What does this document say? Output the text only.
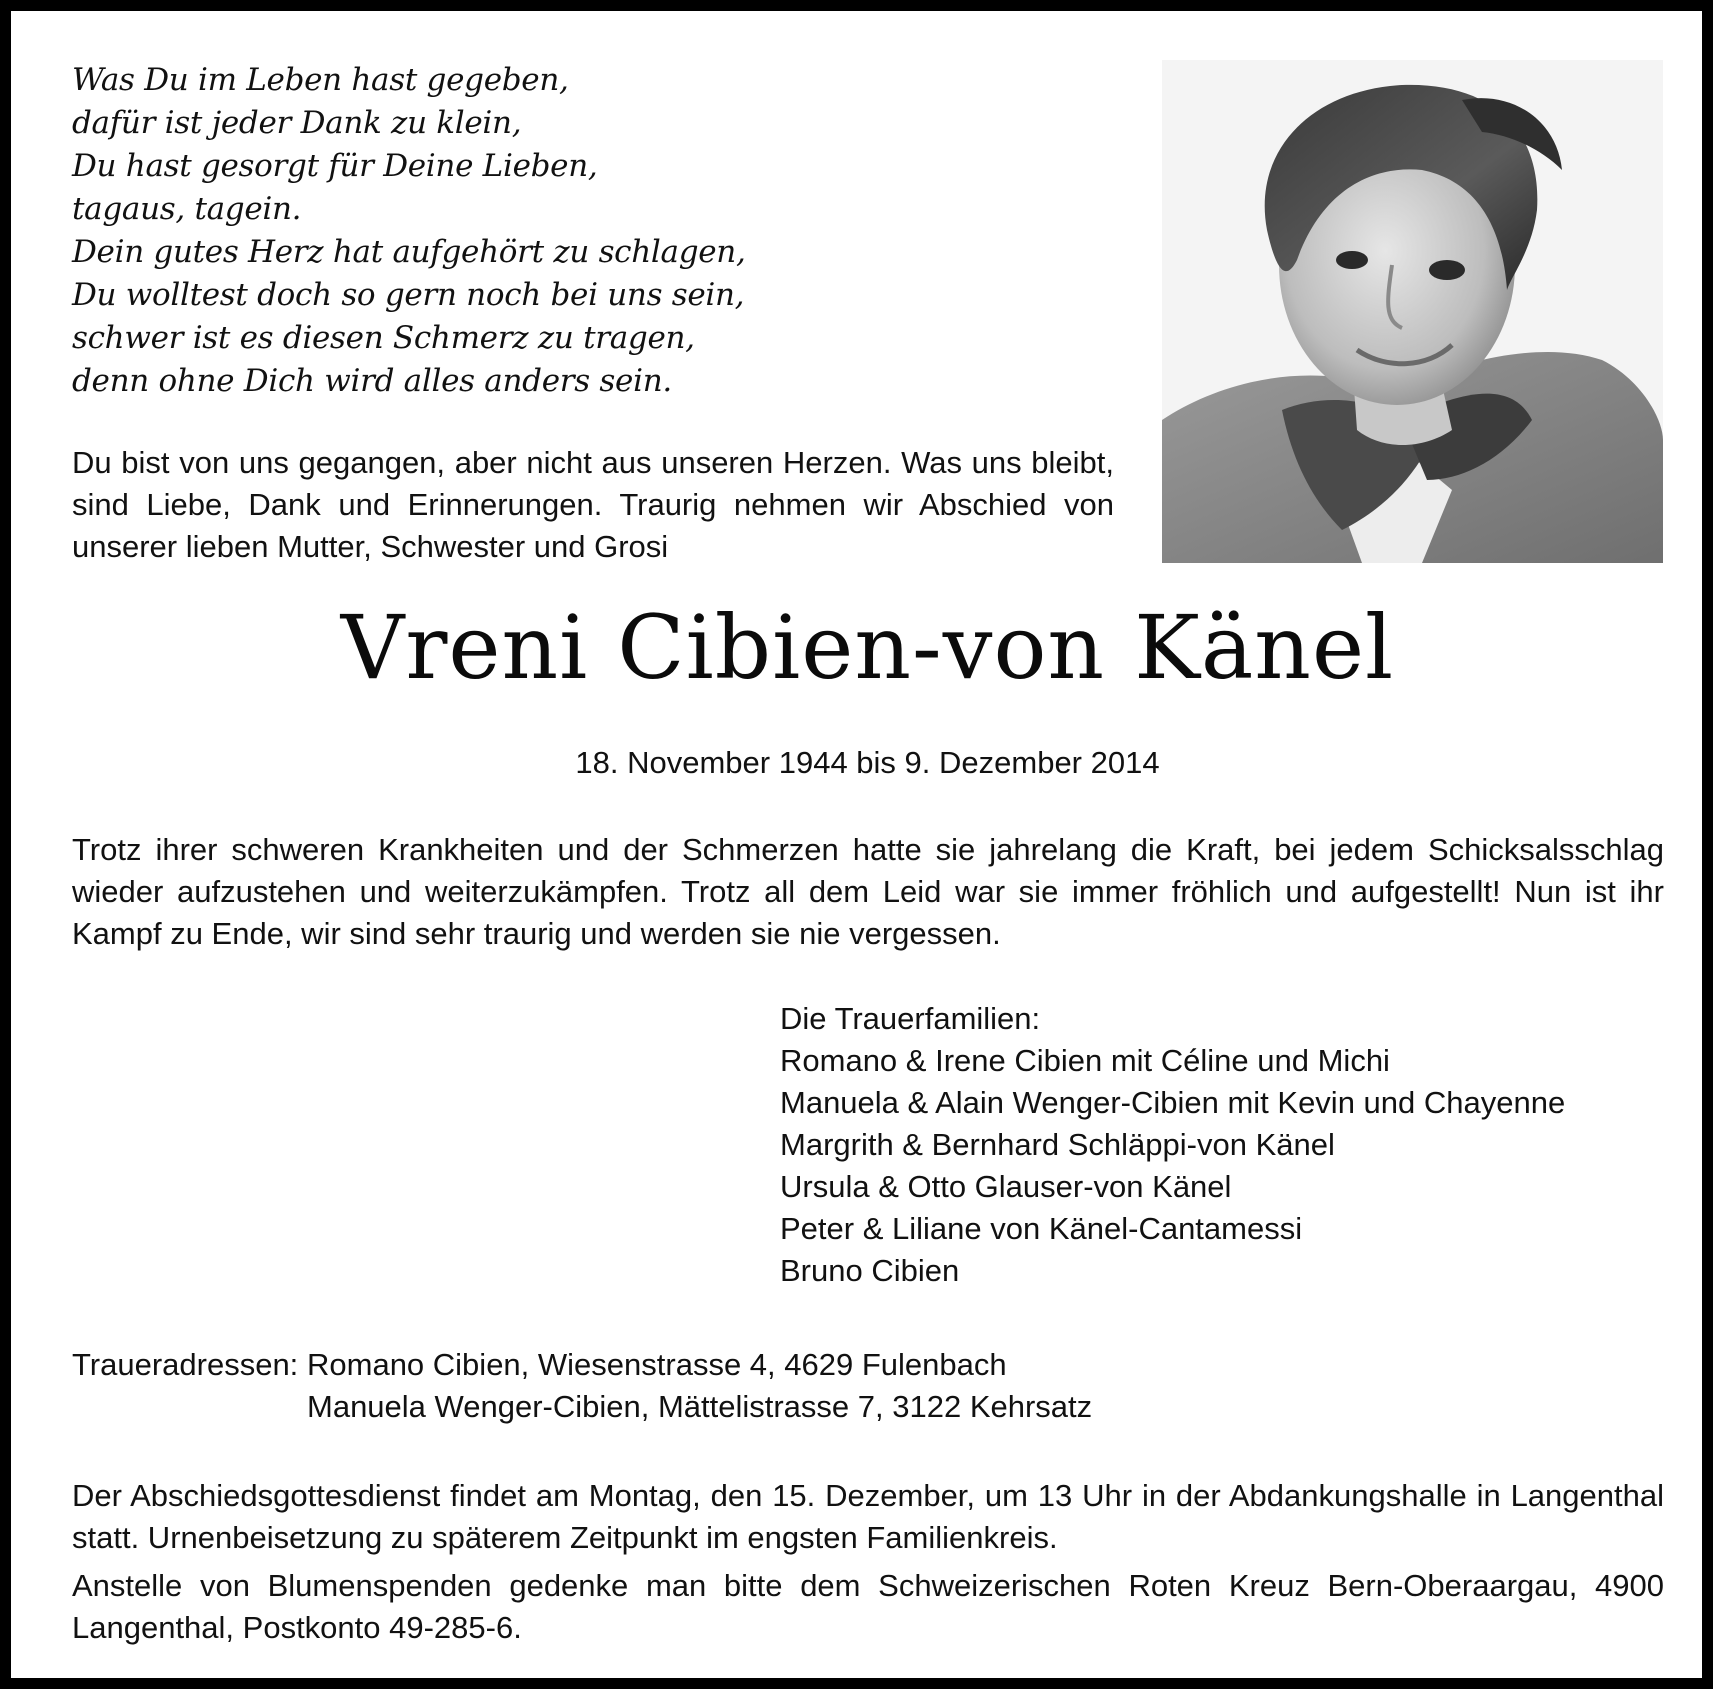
Was Du im Leben hast gegeben,
dafür ist jeder Dank zu klein,
Du hast gesorgt für Deine Lieben,
tagaus, tagein.
Dein gutes Herz hat aufgehört zu schlagen,
Du wolltest doch so gern noch bei uns sein,
schwer ist es diesen Schmerz zu tragen,
denn ohne Dich wird alles anders sein.
Du bist von uns gegangen, aber nicht aus unseren Herzen. Was uns bleibt, sind Liebe, Dank und Erinnerungen. Traurig nehmen wir Abschied von unserer lieben Mutter, Schwester und Grosi
Vreni Cibien-von Känel
18. November 1944 bis 9. Dezember 2014
Trotz ihrer schweren Krankheiten und der Schmerzen hatte sie jahrelang die Kraft, bei jedem Schicksalsschlag wieder aufzustehen und weiterzukämpfen. Trotz all dem Leid war sie immer fröhlich und aufgestellt! Nun ist ihr Kampf zu Ende, wir sind sehr traurig und werden sie nie vergessen.
Die Trauerfamilien:
Romano & Irene Cibien mit Céline und Michi
Manuela & Alain Wenger-Cibien mit Kevin und Chayenne
Margrith & Bernhard Schläppi-von Känel
Ursula & Otto Glauser-von Känel
Peter & Liliane von Känel-Cantamessi
Bruno Cibien
Traueradressen: Romano Cibien, Wiesenstrasse 4, 4629 Fulenbach
Manuela Wenger-Cibien, Mättelistrasse 7, 3122 Kehrsatz
Der Abschiedsgottesdienst findet am Montag, den 15. Dezember, um 13 Uhr in der Abdankungshalle in Langenthal statt. Urnenbeisetzung zu späterem Zeitpunkt im engsten Familienkreis.
Anstelle von Blumenspenden gedenke man bitte dem Schweizerischen Roten Kreuz Bern-Oberaargau, 4900 Langenthal, Postkonto 49-285-6.
